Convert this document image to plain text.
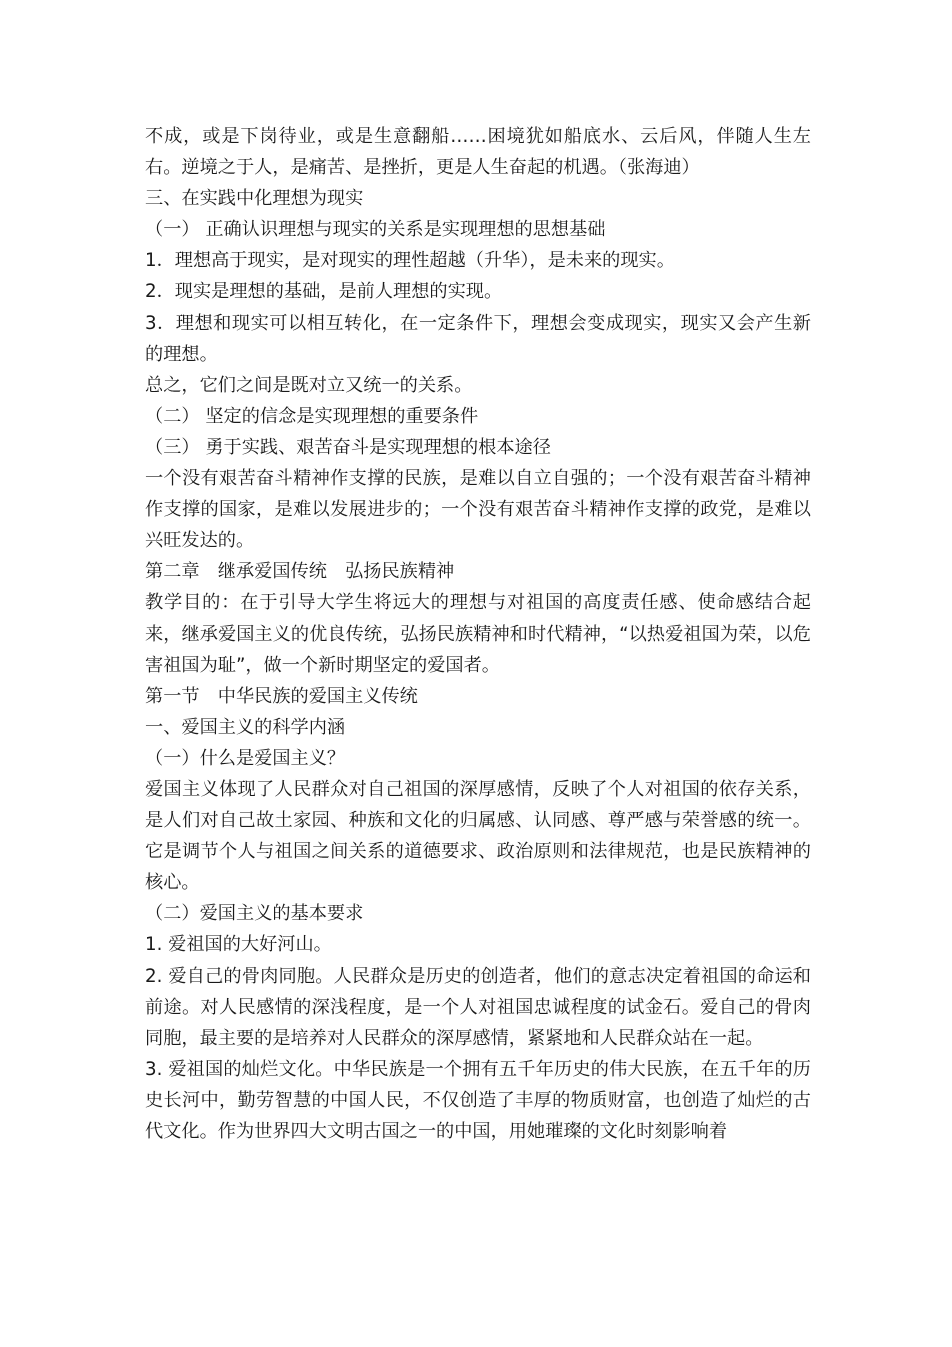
不成，或是下岗待业，或是生意翻船……困境犹如船底水、云后风，伴随人生左右。逆境之于人，是痛苦、是挫折，更是人生奋起的机遇。（张海迪）

三、在实践中化理想为现实

（一） 正确认识理想与现实的关系是实现理想的思想基础

1．理想高于现实，是对现实的理性超越（升华），是未来的现实。

2．现实是理想的基础，是前人理想的实现。

3．理想和现实可以相互转化，在一定条件下，理想会变成现实，现实又会产生新的理想。

总之，它们之间是既对立又统一的关系。

（二） 坚定的信念是实现理想的重要条件

（三） 勇于实践、艰苦奋斗是实现理想的根本途径

一个没有艰苦奋斗精神作支撑的民族，是难以自立自强的；一个没有艰苦奋斗精神作支撑的国家，是难以发展进步的；一个没有艰苦奋斗精神作支撑的政党，是难以兴旺发达的。

第二章　继承爱国传统　弘扬民族精神

教学目的：在于引导大学生将远大的理想与对祖国的高度责任感、使命感结合起来，继承爱国主义的优良传统，弘扬民族精神和时代精神，“以热爱祖国为荣，以危害祖国为耻”，做一个新时期坚定的爱国者。

第一节　中华民族的爱国主义传统

一、爱国主义的科学内涵

（一）什么是爱国主义？

爱国主义体现了人民群众对自己祖国的深厚感情，反映了个人对祖国的依存关系，是人们对自己故土家园、种族和文化的归属感、认同感、尊严感与荣誉感的统一。它是调节个人与祖国之间关系的道德要求、政治原则和法律规范，也是民族精神的核心。

（二）爱国主义的基本要求

1. 爱祖国的大好河山。

2. 爱自己的骨肉同胞。人民群众是历史的创造者，他们的意志决定着祖国的命运和前途。对人民感情的深浅程度，是一个人对祖国忠诚程度的试金石。爱自己的骨肉同胞，最主要的是培养对人民群众的深厚感情，紧紧地和人民群众站在一起。

3. 爱祖国的灿烂文化。中华民族是一个拥有五千年历史的伟大民族，在五千年的历史长河中，勤劳智慧的中国人民，不仅创造了丰厚的物质财富，也创造了灿烂的古代文化。作为世界四大文明古国之一的中国，用她璀璨的文化时刻影响着
